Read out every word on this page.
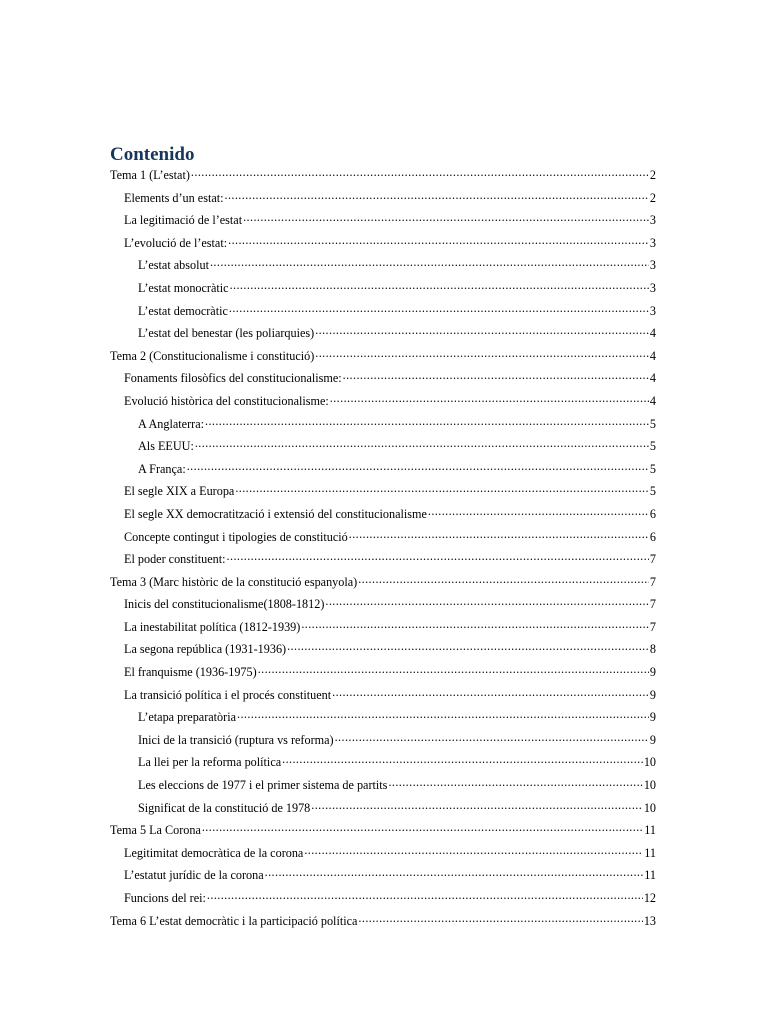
Contenido
Tema 1 (L’estat) .....	2
Elements d’un estat: .....	2
La legitimació de l’estat .....	3
L’evolució de l’estat: .....	3
L’estat absolut .....	3
L’estat monocràtic .....	3
L’estat democràtic .....	3
L’estat del benestar (les poliarquies) .....	4
Tema 2 (Constitucionalisme i constitució) .....	4
Fonaments filosòfics del constitucionalisme: .....	4
Evolució històrica del constitucionalisme: .....	4
A Anglaterra: .....	5
Als EEUU: .....	5
A França: .....	5
El segle XIX a Europa .....	5
El segle XX democratització i extensió del constitucionalisme .....	6
Concepte contingut i tipologies de constitució .....	6
El poder constituent: .....	7
Tema 3 (Marc històric de la constitució espanyola) .....	7
Inicis del constitucionalisme(1808-1812) .....	7
La inestabilitat política (1812-1939) .....	7
La segona república (1931-1936) .....	8
El franquisme (1936-1975) .....	9
La transició política i el procés constituent .....	9
L’etapa preparatòria .....	9
Inici de la transició (ruptura vs reforma) .....	9
La llei per la reforma política .....	10
Les eleccions de 1977 i el primer sistema de partits .....	10
Significat de la constitució de 1978 .....	10
Tema 5 La Corona .....	11
Legitimitat democràtica de la corona .....	11
L’estatut jurídic de la corona .....	11
Funcions del rei: .....	12
Tema 6 L’estat democràtic i la participació política .....	13
